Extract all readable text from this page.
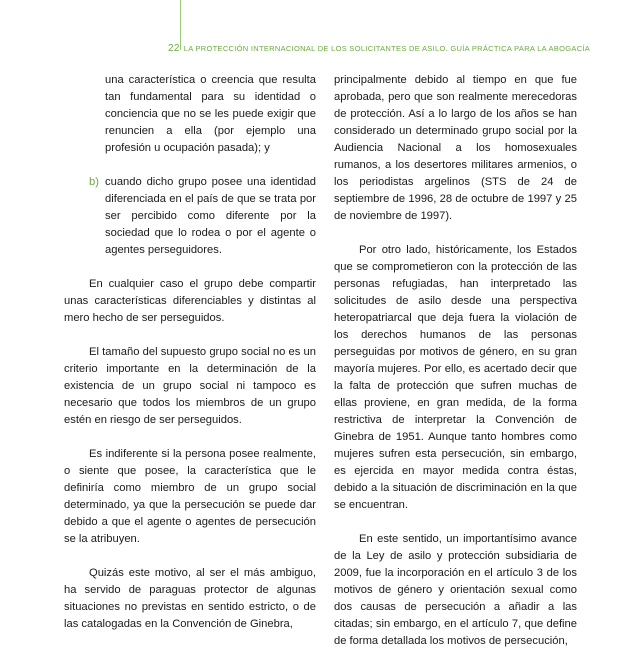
22 LA PROTECCIÓN INTERNACIONAL DE LOS SOLICITANTES DE ASILO. GUÍA PRÁCTICA PARA LA ABOGACÍA

una característica o creencia que resulta tan fundamental para su identidad o conciencia que no se les puede exigir que renuncien a ella (por ejemplo una profesión u ocupación pasada); y

b) cuando dicho grupo posee una identidad diferenciada en el país de que se trata por ser percibido como diferente por la sociedad que lo rodea o por el agente o agentes perseguidores.

En cualquier caso el grupo debe compartir unas características diferenciables y distintas al mero hecho de ser perseguidos.

El tamaño del supuesto grupo social no es un criterio importante en la determinación de la existencia de un grupo social ni tampoco es necesario que todos los miembros de un grupo estén en riesgo de ser perseguidos.

Es indiferente si la persona posee realmente, o siente que posee, la característica que le definiría como miembro de un grupo social determinado, ya que la persecución se puede dar debido a que el agente o agentes de persecución se la atribuyen.

Quizás este motivo, al ser el más ambiguo, ha servido de paraguas protector de algunas situaciones no previstas en sentido estricto, o de las catalogadas en la Convención de Ginebra,

principalmente debido al tiempo en que fue aprobada, pero que son realmente merecedoras de protección. Así a lo largo de los años se han considerado un determinado grupo social por la Audiencia Nacional a los homosexuales rumanos, a los desertores militares armenios, o los periodistas argelinos (STS de 24 de septiembre de 1996, 28 de octubre de 1997 y 25 de noviembre de 1997).

Por otro lado, históricamente, los Estados que se comprometieron con la protección de las personas refugiadas, han interpretado las solicitudes de asilo desde una perspectiva heteropatriarcal que deja fuera la violación de los derechos humanos de las personas perseguidas por motivos de género, en su gran mayoría mujeres. Por ello, es acertado decir que la falta de protección que sufren muchas de ellas proviene, en gran medida, de la forma restrictiva de interpretar la Convención de Ginebra de 1951. Aunque tanto hombres como mujeres sufren esta persecución, sin embargo, es ejercida en mayor medida contra éstas, debido a la situación de discriminación en la que se encuentran.

En este sentido, un importantísimo avance de la Ley de asilo y protección subsidiaria de 2009, fue la incorporación en el artículo 3 de los motivos de género y orientación sexual como dos causas de persecución a añadir a las citadas; sin embargo, en el artículo 7, que define de forma detallada los motivos de persecución,
